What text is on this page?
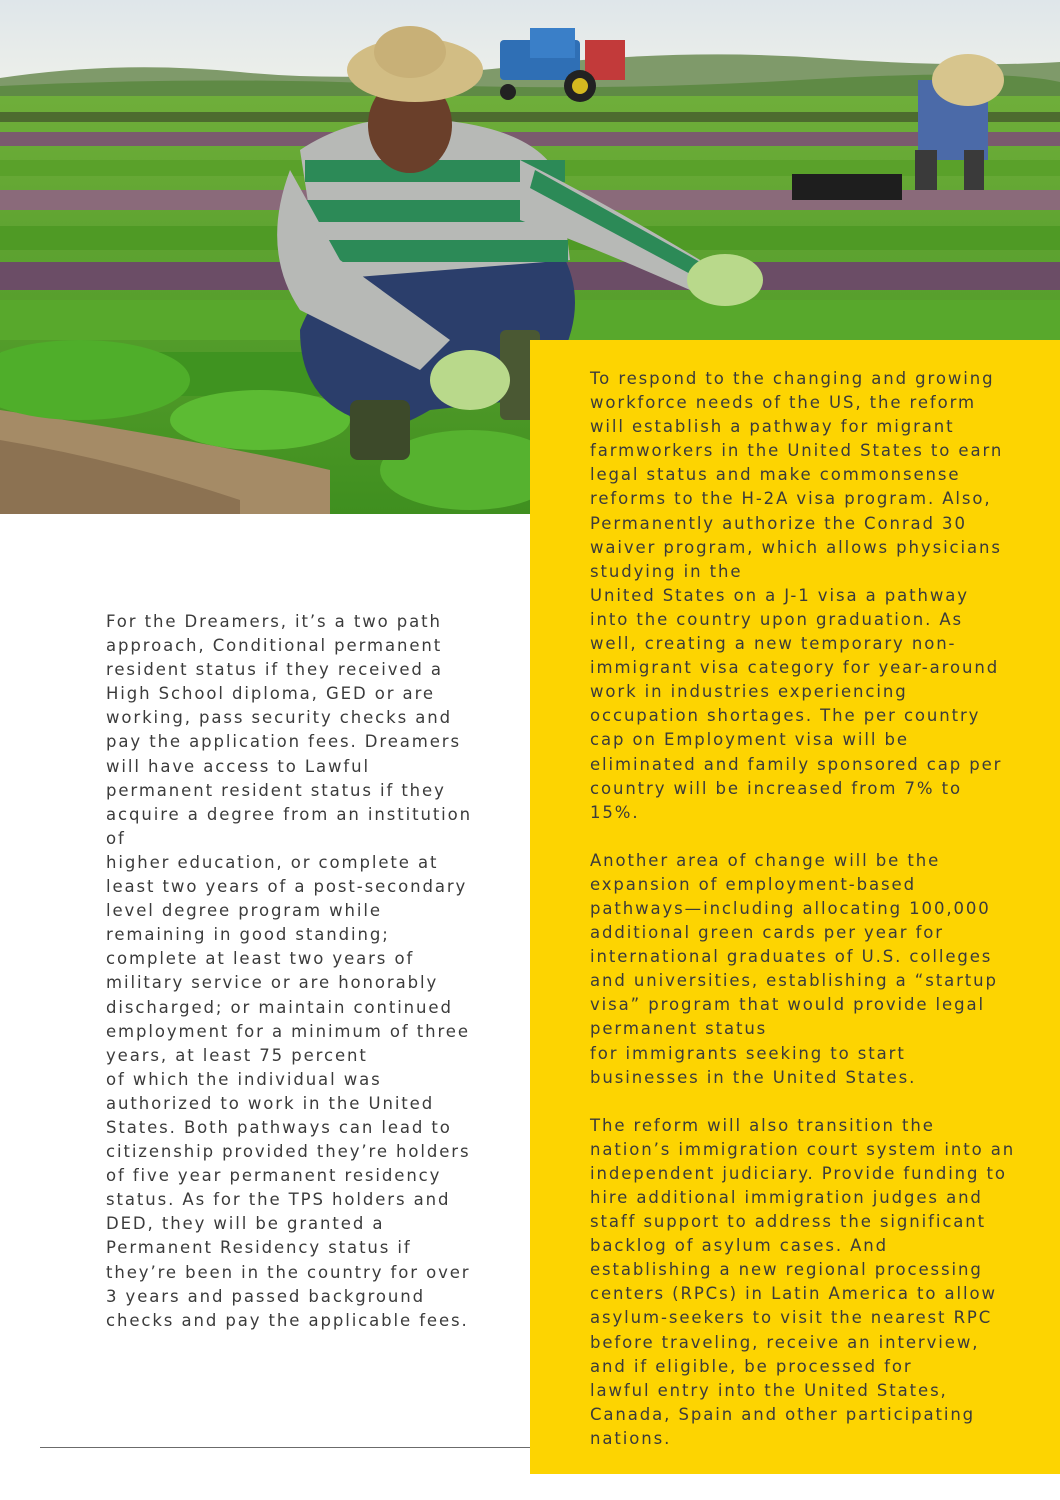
For the Dreamers, it’s a two path
approach, Conditional permanent
resident status if they received a
High School diploma, GED or are
working, pass security checks and
pay the application fees. Dreamers
will have access to Lawful
permanent resident status if they
acquire a degree from an institution
of
higher education, or complete at
least two years of a post-secondary
level degree program while
remaining in good standing;
complete at least two years of
military service or are honorably
discharged; or maintain continued
employment for a minimum of three
years, at least 75 percent
of which the individual was
authorized to work in the United
States. Both pathways can lead to
citizenship provided they’re holders
of five year permanent residency
status. As for the TPS holders and
DED, they will be granted a
Permanent Residency status if
they’re been in the country for over
3 years and passed background
checks and pay the applicable fees.

To respond to the changing and growing
workforce needs of the US, the reform
will establish a pathway for migrant
farmworkers in the United States to earn
legal status and make commonsense
reforms to the H-2A visa program. Also,
Permanently authorize the Conrad 30
waiver program, which allows physicians
studying in the
United States on a J-1 visa a pathway
into the country upon graduation. As
well, creating a new temporary non-
immigrant visa category for year-around
work in industries experiencing
occupation shortages. The per country
cap on Employment visa will be
eliminated and family sponsored cap per
country will be increased from 7% to
15%.

Another area of change will be the
expansion of employment-based
pathways—including allocating 100,000
additional green cards per year for
international graduates of U.S. colleges
and universities, establishing a “startup
visa” program that would provide legal
permanent status
for immigrants seeking to start
businesses in the United States.

The reform will also transition the
nation’s immigration court system into an
independent judiciary. Provide funding to
hire additional immigration judges and
staff support to address the significant
backlog of asylum cases. And
establishing a new regional processing
centers (RPCs) in Latin America to allow
asylum-seekers to visit the nearest RPC
before traveling, receive an interview,
and if eligible, be processed for
lawful entry into the United States,
Canada, Spain and other participating
nations.
